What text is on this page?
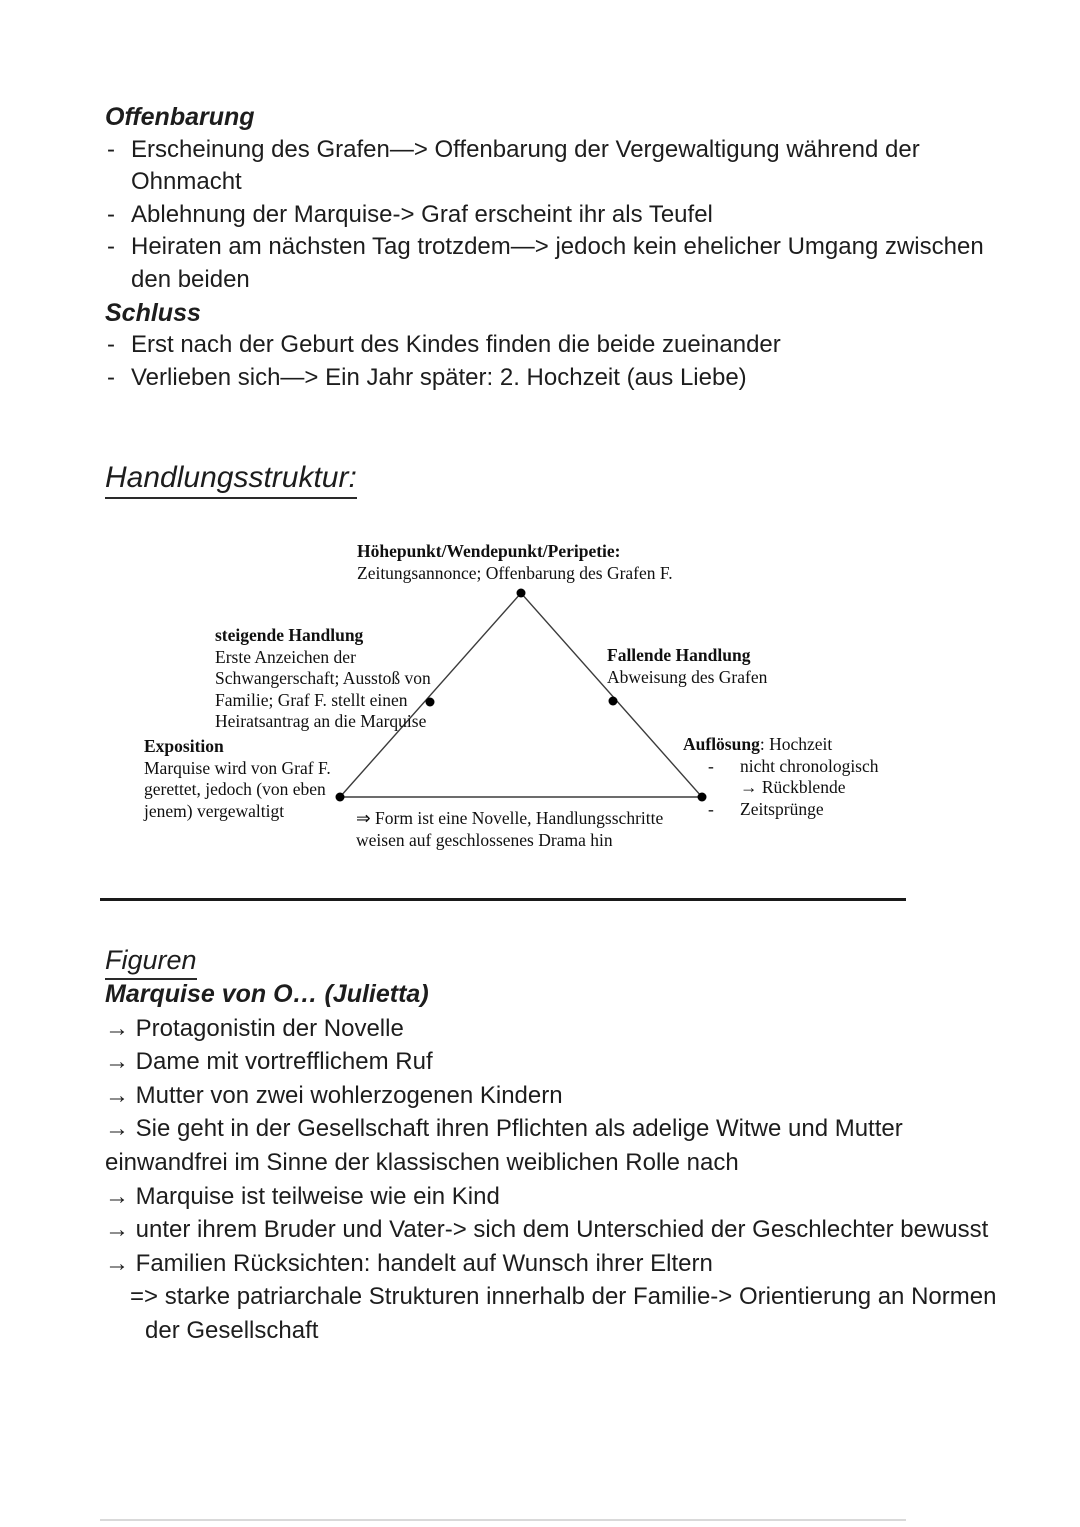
Offenbarung
- Erscheinung des Grafen—> Offenbarung der Vergewaltigung während der Ohnmacht
- Ablehnung der Marquise-> Graf erscheint ihr als Teufel
- Heiraten am nächsten Tag trotzdem—> jedoch kein ehelicher Umgang zwischen den beiden
Schluss
- Erst nach der Geburt des Kindes finden die beide zueinander
- Verlieben sich—> Ein Jahr später: 2. Hochzeit (aus Liebe)
Handlungsstruktur:
Höhepunkt/Wendepunkt/Peripetie:
Zeitungsannonce; Offenbarung des Grafen F.
steigende Handlung
Erste Anzeichen der
Schwangerschaft; Ausstoß von
Familie; Graf F. stellt einen
Heiratsantrag an die Marquise
Fallende Handlung
Abweisung des Grafen
Exposition
Marquise wird von Graf F.
gerettet, jedoch (von eben
jenem) vergewaltigt
Auflösung: Hochzeit
- nicht chronologisch
→ Rückblende
- Zeitsprünge
⇒ Form ist eine Novelle, Handlungsschritte
weisen auf geschlossenes Drama hin
Figuren
Marquise von O… (Julietta)

→ Protagonistin der Novelle

→ Dame mit vortrefflichem Ruf

→ Mutter von zwei wohlerzogenen Kindern

→ Sie geht in der Gesellschaft ihren Pflichten als adelige Witwe und Mutter einwandfrei im Sinne der klassischen weiblichen Rolle nach

→ Marquise ist teilweise wie ein Kind

→ unter ihrem Bruder und Vater-> sich dem Unterschied der Geschlechter bewusst

→ Familien Rücksichten: handelt auf Wunsch ihrer Eltern

=> starke patriarchale Strukturen innerhalb der Familie-> Orientierung an Normen der Gesellschaft
